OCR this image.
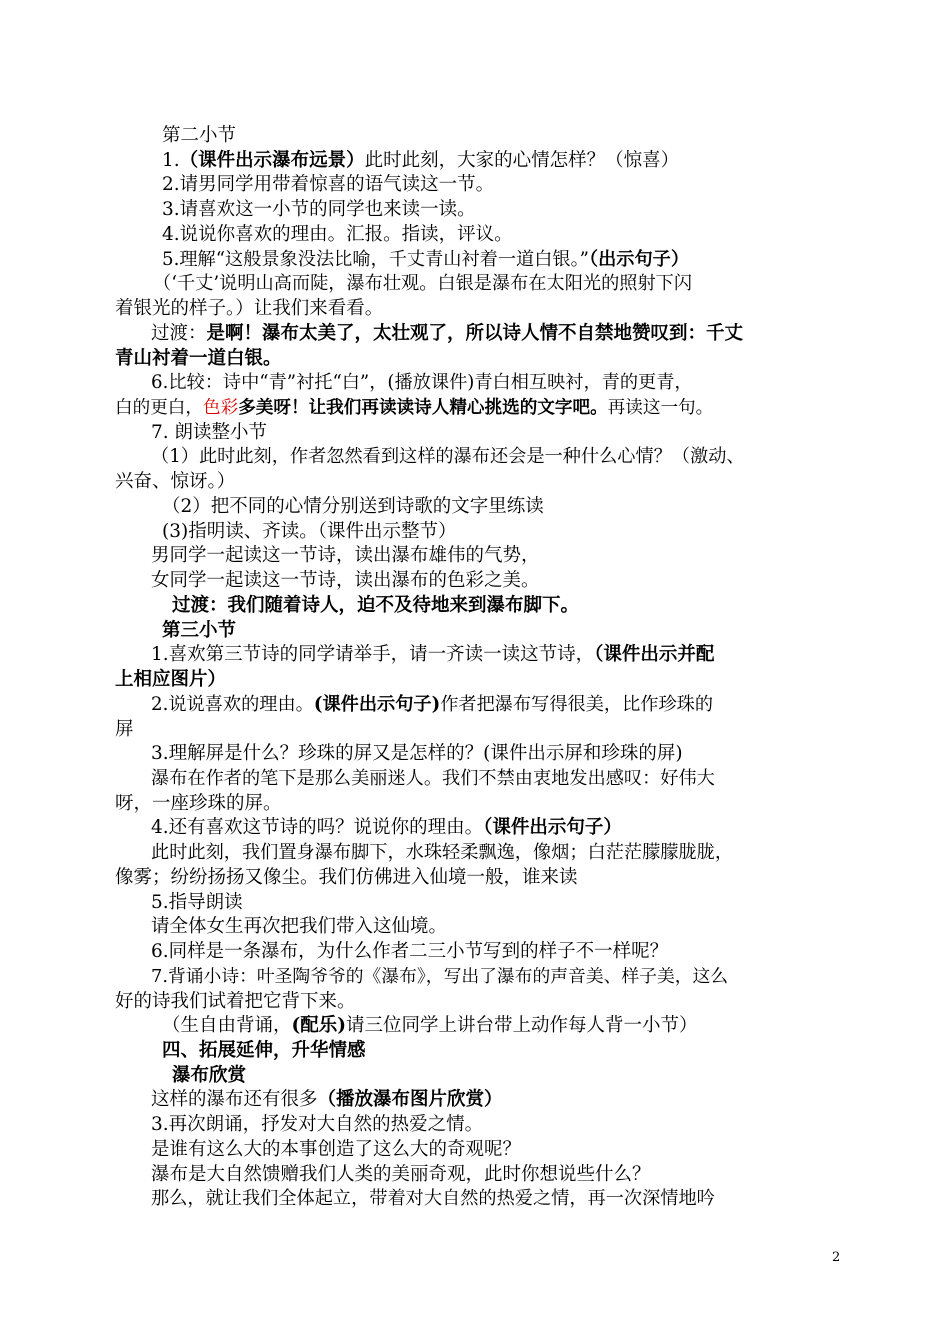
第二小节
1.（课件出示瀑布远景）此时此刻，大家的心情怎样？（惊喜）
2.请男同学用带着惊喜的语气读这一节。
3.请喜欢这一小节的同学也来读一读。
4.说说你喜欢的理由。汇报。指读，评议。
5.理解“这般景象没法比喻，千丈青山衬着一道白银。”（出示句子）
（‘千丈’说明山高而陡，瀑布壮观。白银是瀑布在太阳光的照射下闪
着银光的样子。）让我们来看看。
过渡：是啊！瀑布太美了，太壮观了，所以诗人情不自禁地赞叹到：千丈
青山衬着一道白银。
6.比较：诗中“青”衬托“白”，(播放课件)青白相互映衬，青的更青，
白的更白，色彩多美呀！让我们再读读诗人精心挑选的文字吧。再读这一句。
7. 朗读整小节
（1）此时此刻，作者忽然看到这样的瀑布还会是一种什么心情？（激动、
兴奋、惊讶。）
（2）把不同的心情分别送到诗歌的文字里练读
(3)指明读、齐读。（课件出示整节）
男同学一起读这一节诗，读出瀑布雄伟的气势，
女同学一起读这一节诗，读出瀑布的色彩之美。
过渡：我们随着诗人，迫不及待地来到瀑布脚下。
第三小节
1.喜欢第三节诗的同学请举手，请一齐读一读这节诗，（课件出示并配
上相应图片）
2.说说喜欢的理由。(课件出示句子)作者把瀑布写得很美，比作珍珠的
屏
3.理解屏是什么？珍珠的屏又是怎样的？(课件出示屏和珍珠的屏)
瀑布在作者的笔下是那么美丽迷人。我们不禁由衷地发出感叹：好伟大
呀，一座珍珠的屏。
4.还有喜欢这节诗的吗？说说你的理由。（课件出示句子）
此时此刻，我们置身瀑布脚下，水珠轻柔飘逸，像烟；白茫茫朦朦胧胧，
像雾；纷纷扬扬又像尘。我们仿佛进入仙境一般，谁来读
5.指导朗读
请全体女生再次把我们带入这仙境。
6.同样是一条瀑布，为什么作者二三小节写到的样子不一样呢？
7.背诵小诗：叶圣陶爷爷的《瀑布》，写出了瀑布的声音美、样子美，这么
好的诗我们试着把它背下来。
（生自由背诵，(配乐)请三位同学上讲台带上动作每人背一小节）
四、拓展延伸，升华情感
瀑布欣赏
这样的瀑布还有很多（播放瀑布图片欣赏）
3.再次朗诵，抒发对大自然的热爱之情。
是谁有这么大的本事创造了这么大的奇观呢？
瀑布是大自然馈赠我们人类的美丽奇观，此时你想说些什么？
那么，就让我们全体起立，带着对大自然的热爱之情，再一次深情地吟
2
